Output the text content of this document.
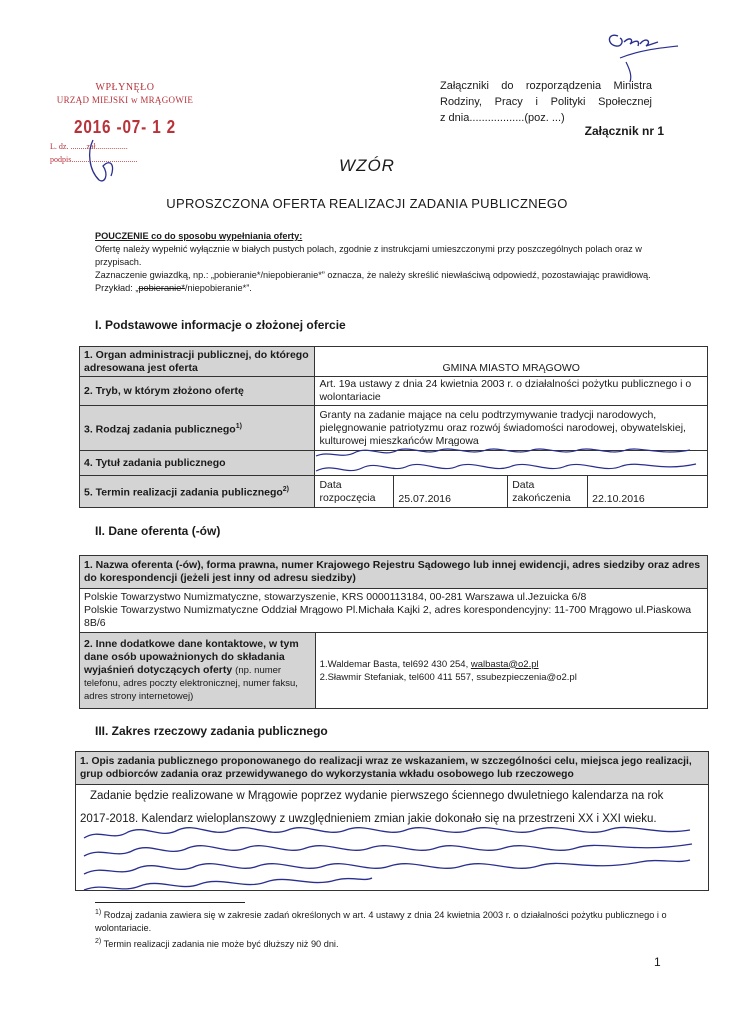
WPŁYNĘŁO
URZĄD MIEJSKI w MRĄGOWIE
2016 -07- 1 2
L. dz. ........zał................
podpis.................................
Załączniki do rozporządzenia Ministra
Rodziny, Pracy i Polityki Społecznej
z dnia..................(poz. ...)
Załącznik nr 1
WZÓR
UPROSZCZONA OFERTA REALIZACJI ZADANIA PUBLICZNEGO
POUCZENIE co do sposobu wypełniania oferty:
Ofertę należy wypełnić wyłącznie w białych pustych polach, zgodnie z instrukcjami umieszczonymi przy poszczególnych polach oraz w przypisach.
Zaznaczenie gwiazdką, np.: „pobieranie*/niepobieranie*” oznacza, że należy skreślić niewłaściwą odpowiedź, pozostawiając prawidłową. Przykład: „pobieranie*/niepobieranie*”.
I. Podstawowe informacje o złożonej ofercie
1. Organ administracji publicznej, do którego adresowana jest oferta	GMINA MIASTO MRĄGOWO			
2. Tryb, w którym złożono ofertę	Art. 19a ustawy z dnia 24 kwietnia 2003 r. o działalności pożytku publicznego i o wolontariacie			
3. Rodzaj zadania publicznego$^{1)}$	Granty na zadanie mające na celu podtrzymywanie tradycji narodowych, pielęgnowanie patriotyzmu oraz rozwój świadomości narodowej, obywatelskiej, kulturowej mieszkańców Mrągowa			
4. Tytuł zadania publicznego				
5. Termin realizacji zadania publicznego$^{2)}$	Data rozpoczęcia	25.07.2016	Data zakończenia	22.10.2016
II. Dane oferenta (-ów)
1. Nazwa oferenta (-ów), forma prawna, numer Krajowego Rejestru Sądowego lub innej ewidencji, adres siedziby oraz adres do korespondencji (jeżeli jest inny od adresu siedziby)

Polskie Towarzystwo Numizmatyczne, stowarzyszenie, KRS 0000113184, 00-281 Warszawa ul.Jezuicka 6/8
Polskie Towarzystwo Numizmatyczne Oddział Mrągowo Pl.Michała Kajki 2, adres korespondencyjny: 11-700 Mrągowo ul.Piaskowa 8B/6

2. Inne dodatkowe dane kontaktowe, w tym dane osób upoważnionych do składania wyjaśnień dotyczących oferty (np. numer telefonu, adres poczty elektronicznej, numer faksu, adres strony internetowej)	
1.Waldemar Basta, tel692 430 254, walbasta@o2.pl
2.Sławmir Stefaniak, tel600 411 557, ssubezpieczenia@o2.pl
III. Zakres rzeczowy zadania publicznego
1. Opis zadania publicznego proponowanego do realizacji wraz ze wskazaniem, w szczególności celu, miejsca jego realizacji, grup odbiorców zadania oraz przewidywanego do wykorzystania wkładu osobowego lub rzeczowego

Zadanie będzie realizowane w Mrągowie poprzez wydanie pierwszego ściennego dwuletniego kalendarza na rok
2017-2018. Kalendarz wieloplanszowy z uwzględnieniem zmian jakie dokonało się na przestrzeni XX i XXI wieku.
$^{1)}$ Rodzaj zadania zawiera się w zakresie zadań określonych w art. 4 ustawy z dnia 24 kwietnia 2003 r. o działalności pożytku publicznego i o wolontariacie.
$^{2)}$ Termin realizacji zadania nie może być dłuższy niż 90 dni.
1
